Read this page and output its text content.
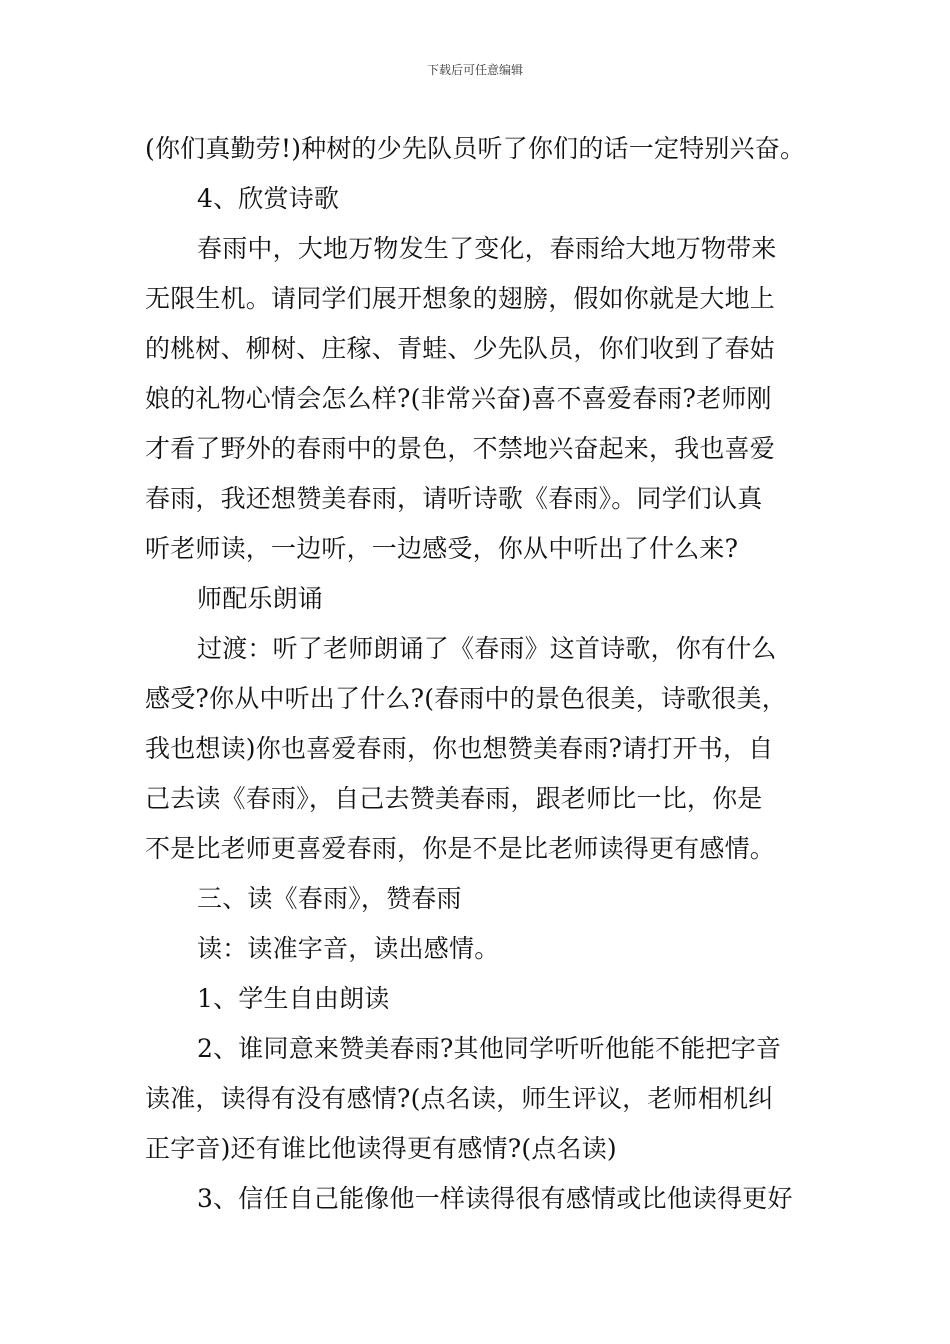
下载后可任意编辑
(你们真勤劳!)种树的少先队员听了你们的话一定特别兴奋。
4、欣赏诗歌
春雨中，大地万物发生了变化，春雨给大地万物带来
无限生机。请同学们展开想象的翅膀，假如你就是大地上
的桃树、柳树、庄稼、青蛙、少先队员，你们收到了春姑
娘的礼物心情会怎么样?(非常兴奋)喜不喜爱春雨?老师刚
才看了野外的春雨中的景色，不禁地兴奋起来，我也喜爱
春雨，我还想赞美春雨，请听诗歌《春雨》。同学们认真
听老师读，一边听，一边感受，你从中听出了什么来?
师配乐朗诵
过渡：听了老师朗诵了《春雨》这首诗歌，你有什么
感受?你从中听出了什么?(春雨中的景色很美，诗歌很美，
我也想读)你也喜爱春雨，你也想赞美春雨?请打开书，自
己去读《春雨》，自己去赞美春雨，跟老师比一比，你是
不是比老师更喜爱春雨，你是不是比老师读得更有感情。
三、读《春雨》，赞春雨
读：读准字音，读出感情。
1、学生自由朗读
2、谁同意来赞美春雨?其他同学听听他能不能把字音
读准，读得有没有感情?(点名读，师生评议，老师相机纠
正字音)还有谁比他读得更有感情?(点名读)
3、信任自己能像他一样读得很有感情或比他读得更好
